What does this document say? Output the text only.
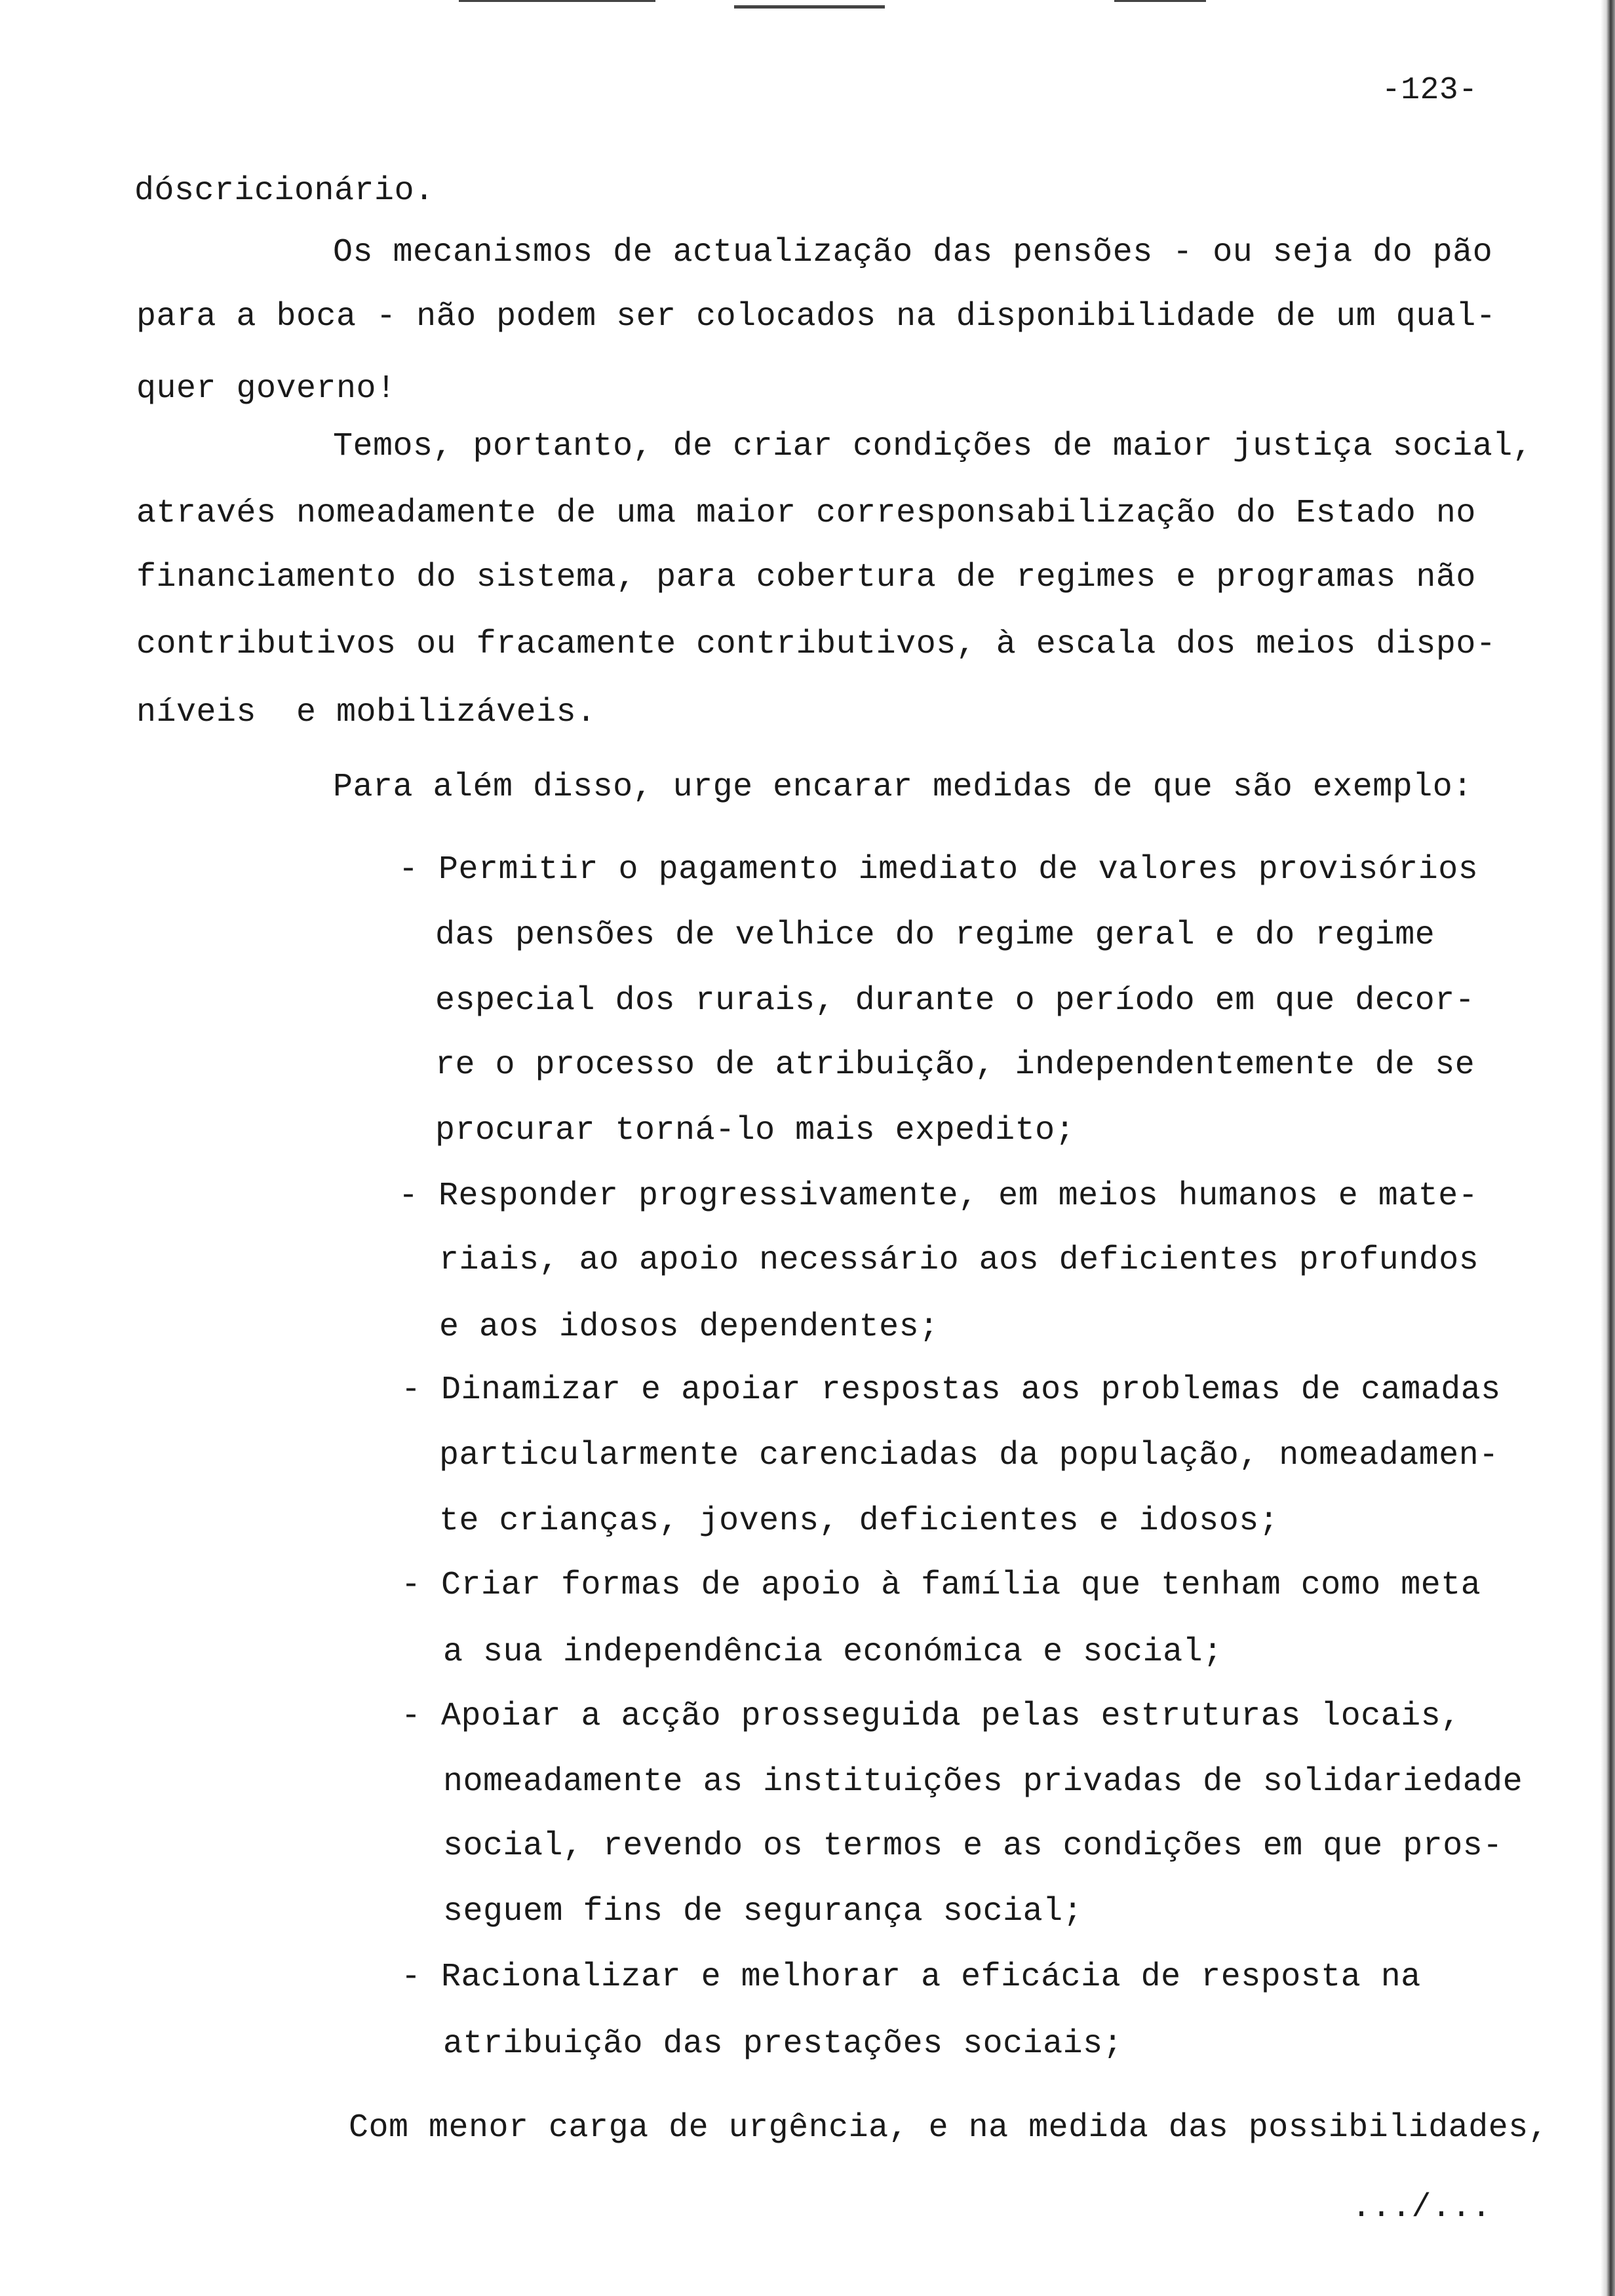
-123-
dóscricionário.
Os mecanismos de actualização das pensões - ou seja do pão
para a boca - não podem ser colocados na disponibilidade de um qual-
quer governo!
Temos, portanto, de criar condições de maior justiça social,
através nomeadamente de uma maior corresponsabilização do Estado no
financiamento do sistema, para cobertura de regimes e programas não
contributivos ou fracamente contributivos, à escala dos meios dispo-
níveis  e mobilizáveis.
Para além disso, urge encarar medidas de que são exemplo:
- Permitir o pagamento imediato de valores provisórios
das pensões de velhice do regime geral e do regime
especial dos rurais, durante o período em que decor-
re o processo de atribuição, independentemente de se
procurar torná-lo mais expedito;
- Responder progressivamente, em meios humanos e mate-
riais, ao apoio necessário aos deficientes profundos
e aos idosos dependentes;
- Dinamizar e apoiar respostas aos problemas de camadas
particularmente carenciadas da população, nomeadamen-
te crianças, jovens, deficientes e idosos;
- Criar formas de apoio à família que tenham como meta
a sua independência económica e social;
- Apoiar a acção prosseguida pelas estruturas locais,
nomeadamente as instituições privadas de solidariedade
social, revendo os termos e as condições em que pros-
seguem fins de segurança social;
- Racionalizar e melhorar a eficácia de resposta na
atribuição das prestações sociais;
Com menor carga de urgência, e na medida das possibilidades,
.../...
